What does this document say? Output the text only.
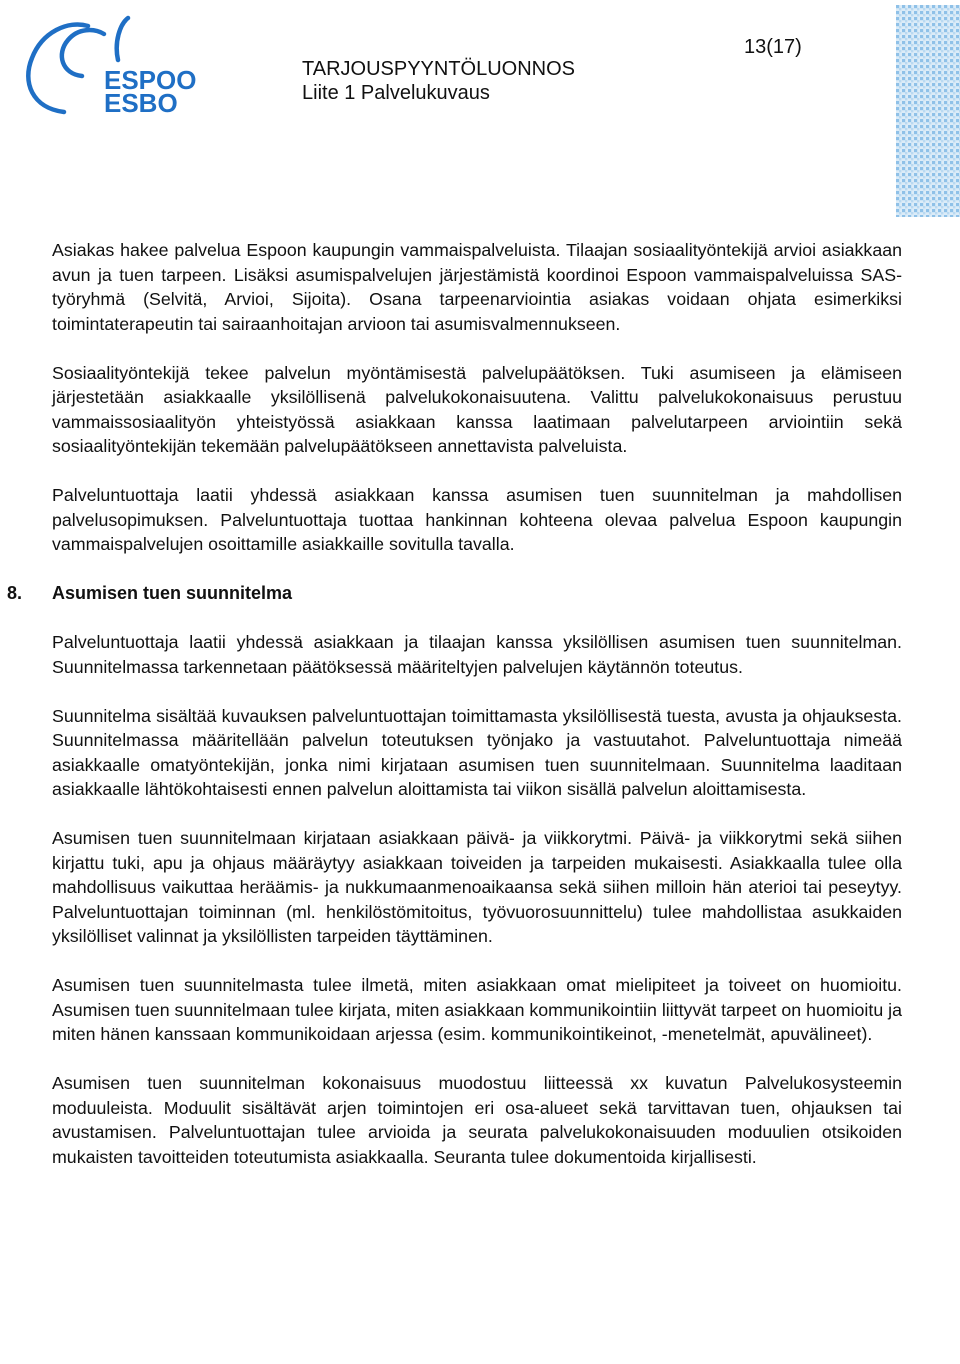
ESPOO
ESBO
TARJOUSPYYNTÖLUONNOS
Liite 1 Palvelukuvaus
13(17)

Asiakas hakee palvelua Espoon kaupungin vammaispalveluista. Tilaajan sosiaalityöntekijä arvioi asiakkaan avun ja tuen tarpeen. Lisäksi asumispalvelujen järjestämistä koordinoi Espoon vammaispalveluissa SAS-työryhmä (Selvitä, Arvioi, Sijoita). Osana tarpeenarviointia asiakas voidaan ohjata esimerkiksi toimintaterapeutin tai sairaanhoitajan arvioon tai asumisvalmennukseen.

Sosiaalityöntekijä tekee palvelun myöntämisestä palvelupäätöksen. Tuki asumiseen ja elämiseen järjestetään asiakkaalle yksilöllisenä palvelukokonaisuutena. Valittu palvelukokonaisuus perustuu vammaissosiaalityön yhteistyössä asiakkaan kanssa laatimaan palvelutarpeen arviointiin sekä sosiaalityöntekijän tekemään palvelupäätökseen annettavista palveluista.

Palveluntuottaja laatii yhdessä asiakkaan kanssa asumisen tuen suunnitelman ja mahdollisen palvelusopimuksen. Palveluntuottaja tuottaa hankinnan kohteena olevaa palvelua Espoon kaupungin vammaispalvelujen osoittamille asiakkaille sovitulla tavalla.

8. Asumisen tuen suunnitelma

Palveluntuottaja laatii yhdessä asiakkaan ja tilaajan kanssa yksilöllisen asumisen tuen suunnitelman. Suunnitelmassa tarkennetaan päätöksessä määriteltyjen palvelujen käytännön toteutus.

Suunnitelma sisältää kuvauksen palveluntuottajan toimittamasta yksilöllisestä tuesta, avusta ja ohjauksesta. Suunnitelmassa määritellään palvelun toteutuksen työnjako ja vastuutahot. Palveluntuottaja nimeää asiakkaalle omatyöntekijän, jonka nimi kirjataan asumisen tuen suunnitelmaan. Suunnitelma laaditaan asiakkaalle lähtökohtaisesti ennen palvelun aloittamista tai viikon sisällä palvelun aloittamisesta.

Asumisen tuen suunnitelmaan kirjataan asiakkaan päivä- ja viikkorytmi. Päivä- ja viikkorytmi sekä siihen kirjattu tuki, apu ja ohjaus määräytyy asiakkaan toiveiden ja tarpeiden mukaisesti. Asiakkaalla tulee olla mahdollisuus vaikuttaa heräämis- ja nukkumaanmenoaikaansa sekä siihen milloin hän aterioi tai peseytyy. Palveluntuottajan toiminnan (ml. henkilöstömitoitus, työvuorosuunnittelu) tulee mahdollistaa asukkaiden yksilölliset valinnat ja yksilöllisten tarpeiden täyttäminen.

Asumisen tuen suunnitelmasta tulee ilmetä, miten asiakkaan omat mielipiteet ja toiveet on huomioitu. Asumisen tuen suunnitelmaan tulee kirjata, miten asiakkaan kommunikointiin liittyvät tarpeet on huomioitu ja miten hänen kanssaan kommunikoidaan arjessa (esim. kommunikointikeinot, -menetelmät, apuvälineet).

Asumisen tuen suunnitelman kokonaisuus muodostuu liitteessä xx kuvatun Palvelukosysteemin moduuleista. Moduulit sisältävät arjen toimintojen eri osa-alueet sekä tarvittavan tuen, ohjauksen tai avustamisen. Palveluntuottajan tulee arvioida ja seurata palvelukokonaisuuden moduulien otsikoiden mukaisten tavoitteiden toteutumista asiakkaalla. Seuranta tulee dokumentoida kirjallisesti.
